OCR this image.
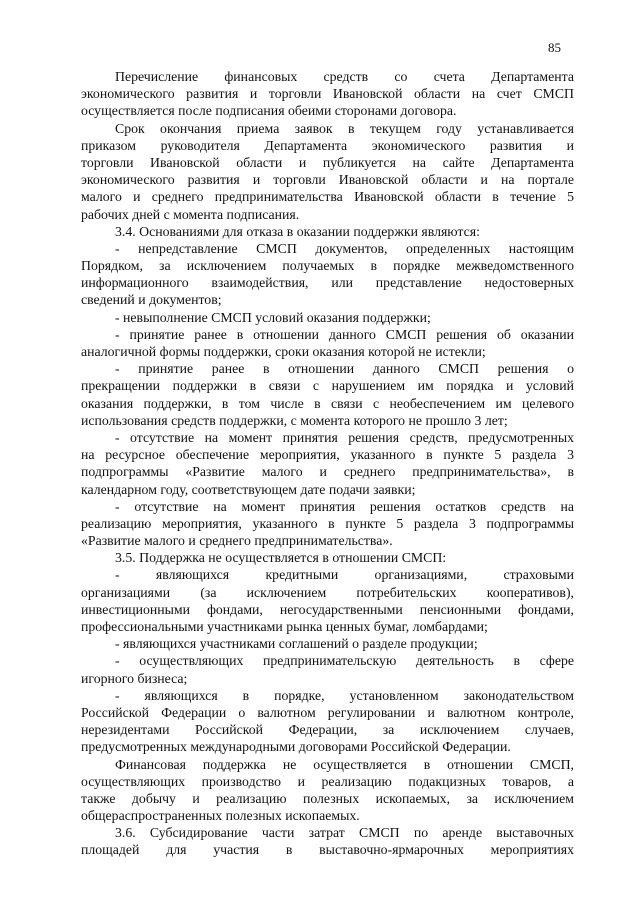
85
Перечисление финансовых средств со счета Департамента
экономического развития и торговли Ивановской области на счет СМСП
осуществляется после подписания обеими сторонами договора.
Срок окончания приема заявок в текущем году устанавливается
приказом руководителя Департамента экономического развития и
торговли Ивановской области и публикуется на сайте Департамента
экономического развития и торговли Ивановской области и на портале
малого и среднего предпринимательства Ивановской области в течение 5
рабочих дней с момента подписания.
3.4. Основаниями для отказа в оказании поддержки являются:
- непредставление СМСП документов, определенных настоящим
Порядком, за исключением получаемых в порядке межведомственного
информационного взаимодействия, или представление недостоверных
сведений и документов;
- невыполнение СМСП условий оказания поддержки;
- принятие ранее в отношении данного СМСП решения об оказании
аналогичной формы поддержки, сроки оказания которой не истекли;
- принятие ранее в отношении данного СМСП решения о
прекращении поддержки в связи с нарушением им порядка и условий
оказания поддержки, в том числе в связи с необеспечением им целевого
использования средств поддержки, с момента которого не прошло 3 лет;
- отсутствие на момент принятия решения средств, предусмотренных
на ресурсное обеспечение мероприятия, указанного в пункте 5 раздела 3
подпрограммы «Развитие малого и среднего предпринимательства», в
календарном году, соответствующем дате подачи заявки;
- отсутствие на момент принятия решения остатков средств на
реализацию мероприятия, указанного в пункте 5 раздела 3 подпрограммы
«Развитие малого и среднего предпринимательства».
3.5. Поддержка не осуществляется в отношении СМСП:
- являющихся кредитными организациями, страховыми
организациями (за исключением потребительских кооперативов),
инвестиционными фондами, негосударственными пенсионными фондами,
профессиональными участниками рынка ценных бумаг, ломбардами;
- являющихся участниками соглашений о разделе продукции;
- осуществляющих предпринимательскую деятельность в сфере
игорного бизнеса;
- являющихся в порядке, установленном законодательством
Российской Федерации о валютном регулировании и валютном контроле,
нерезидентами Российской Федерации, за исключением случаев,
предусмотренных международными договорами Российской Федерации.
Финансовая поддержка не осуществляется в отношении СМСП,
осуществляющих производство и реализацию подакцизных товаров, а
также добычу и реализацию полезных ископаемых, за исключением
общераспространенных полезных ископаемых.
3.6. Субсидирование части затрат СМСП по аренде выставочных
площадей для участия в выставочно-ярмарочных мероприятиях
